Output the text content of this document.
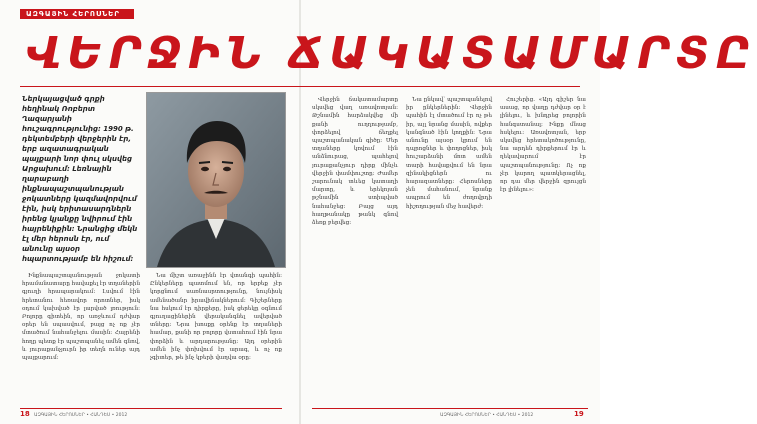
ԱԶԳԱՅԻՆ ՀԵՐՈՍՆԵՐ

Ներկայացված գրքի հեղինակ Ռոբերտ Ղազարյանի հուշագրությունից: 1990 թ. դեկտեմբերի վերջերին էր, երբ ազատագրական պայքարի նոր փուլ սկսվեց Արցախում: Լեռնային ղարաբաղի ինքնապաշտպանության ջոկատները կազմավորվում էին, իսկ երիտասարդներն իրենց կյանքը նվիրում էին հայրենիքին: Նրանցից մեկն էլ մեր հերոսն էր, ում անունը այսօր հպարտությամբ են հիշում:

Ինքնապաշտպանության ջոկատի հրամանատարը հավաքել էր տղաներին գյուղի հրապարակում: Լսվում էին հրետանու հեռավոր որոտներ, իսկ օդում կախված էր լարված լռություն: Բոլորը գիտեին, որ առջևում դժվար օրեր են սպասվում, բայց ոչ ոք չէր մտածում նահանջելու մասին: Հայրենի հողը պետք էր պաշտպանել ամեն գնով, և յուրաքանչյուրն իր տեղն ուներ այդ պայքարում:

Նա միշտ առաջինն էր վտանգի պահին: Ընկերները պատմում են, որ երբեք չէր կորցնում սառնասրտությունը, նույնիսկ ամենածանր իրավիճակներում: Գիշերները նա հսկում էր դիրքերը, իսկ ցերեկը օգնում գյուղացիներին վերականգնել ավերված տները: Նրա խոսքը օրենք էր տղաների համար, քանի որ բոլորը վստահում էին նրա փորձին և արդարությանը: Այդ օրերին ամեն ինչ փոխվում էր արագ, և ոչ ոք չգիտեր, թե ինչ կբերի վաղվա օրը:

18 ԱԶԳԱՅԻՆ ՀԵՐՈՍՆԵՐ • ՀԱՆԴԵՍ • 2012

Վերջին ճակատամարտը սկսվեց վաղ առավոտյան: Թշնամին հարձակվեց մի քանի ուղղությամբ, փորձելով ճեղքել պաշտպանական գիծը: Մեր տղաները կռվում էին անձնուրաց, պահելով յուրաքանչյուր դիրք մինչև վերջին փամփուշտը: Ժամեր շարունակ տևեց կատաղի մարտը, և երեկոյան թշնամին ստիպված նահանջեց: Բայց այդ հաղթանակը թանկ գնով ձեռք բերվեց:

Նա ընկավ՝ պաշտպանելով իր ընկերներին: Վերջին պահին էլ մտածում էր ոչ թե իր, այլ նրանց մասին, ովքեր կանգնած էին կողքին: Նրա անունը այսօր կրում են դպրոցներ և փողոցներ, իսկ հուշարձանի մոտ ամեն տարի հավաքվում են նրա զինակիցներն ու հարազատները: Հերոսները չեն մահանում, նրանք ապրում են ժողովրդի հիշողության մեջ հավերժ:

Հուշերից. «Այդ գիշեր նա ասաց, որ վաղը դժվար օր է լինելու, և խնդրեց բոլորին հանգստանալ: Ինքը մնաց հսկելու: Առավոտյան, երբ սկսվեց հրետակոծությունը, նա արդեն դիրքերում էր և ղեկավարում էր պաշտպանությունը: Ոչ ոք չէր կարող պատկերացնել, որ դա մեր վերջին զրույցն էր լինելու»:

ԱԶԳԱՅԻՆ ՀԵՐՈՍՆԵՐ • ՀԱՆԴԵՍ • 2012	19
ՎԵՐՋԻՆ ՃԱԿԱՏԱՄԱՐՏԸ
